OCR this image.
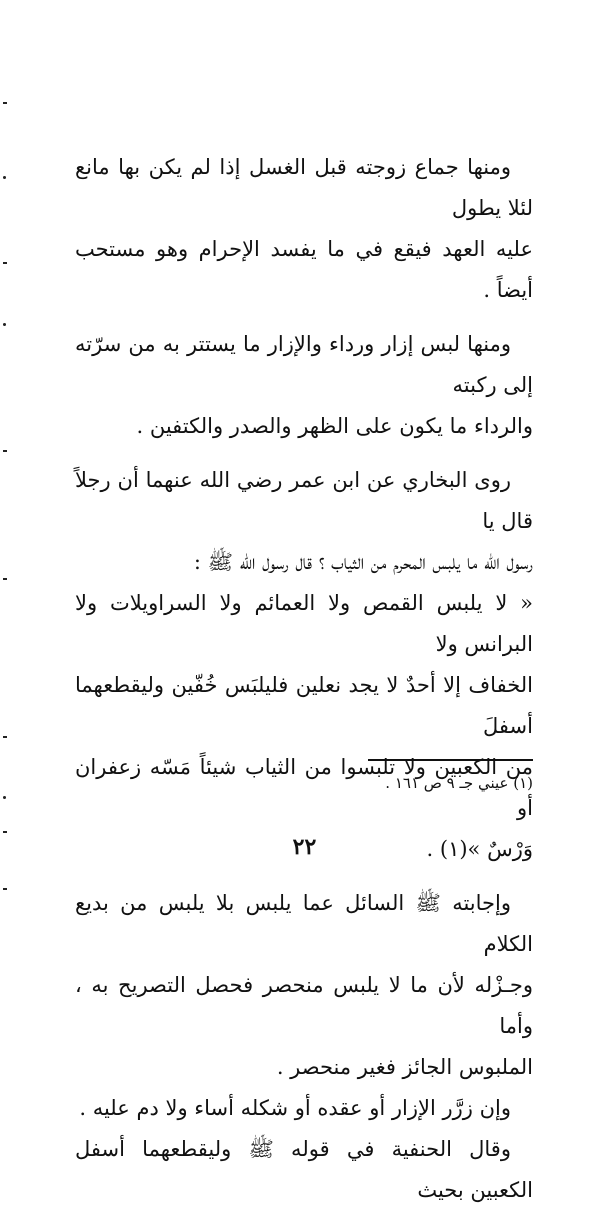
ومنها جماع زوجته قبل الغسل إذا لم يكن بها مانع لئلا يطول
عليه العهد فيقع في ما يفسد الإحرام وهو مستحب أيضاً .

ومنها لبس إزار ورداء والإزار ما يستتر به من سرّته إلى ركبته
والرداء ما يكون على الظهر والصدر والكتفين .

روى البخاري عن ابن عمر رضي الله عنهما أن رجلاً قال يا
رسول الله ما يلبس المحرم من الثياب ؟ قال رسول الله ﷺ :
« لا يلبس القمص ولا العمائم ولا السراويلات ولا البرانس ولا
الخفاف إلا أحدٌ لا يجد نعلين فليلبَس خُفّين وليقطعهما أسفلَ
من الكعبين ولا تلبسوا من الثياب شيئاً مَسّه زعفران أو
وَرْسٌ »(١) .

وإجابته ﷺ السائل عما يلبس بلا يلبس من بديع الكلام
وجـزْله لأن ما لا يلبس منحصر فحصل التصريح به ، وأما
الملبوس الجائز فغير منحصر .

وإن زرَّر الإزار أو عقده أو شكله أساء ولا دم عليه .

وقال الحنفية في قوله ﷺ وليقطعهما أسفل الكعبين بحيث

(١) عيني جـ ٩ ص ١٦١ .
٢٢
